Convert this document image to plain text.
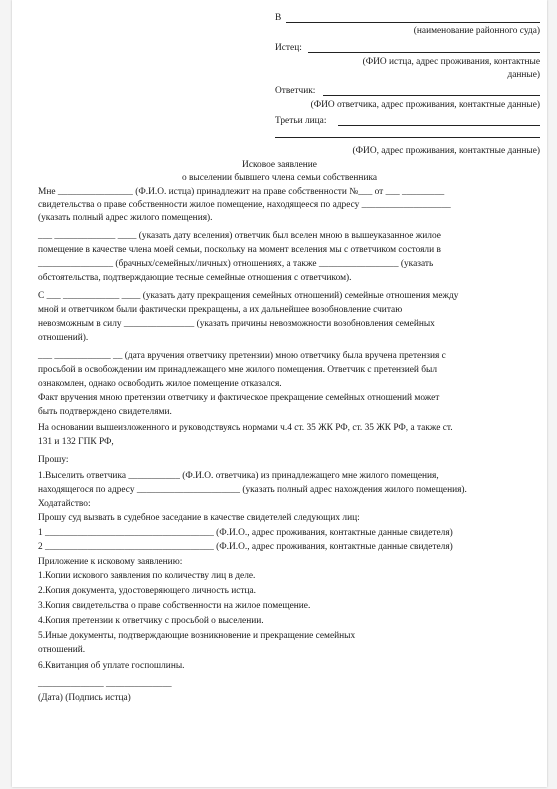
В
(наименование районного суда)
Истец:
(ФИО истца, адрес проживания, контактные
данные)
Ответчик:
(ФИО ответчика, адрес проживания, контактные данные)
Третьи лица:
(ФИО, адрес проживания, контактные данные)
Исковое заявление
о выселении бывшего члена семьи собственника
Мне ________________ (Ф.И.О. истца) принадлежит на праве собственности №___ от ___ _________
свидетельства о праве собственности жилое помещение, находящееся по адресу ___________________
(указать полный адрес жилого помещения).
___ _____________ ____ (указать дату вселения) ответчик был вселен мною в вышеуказанное жилое
помещение в качестве члена моей семьи, поскольку на момент вселения мы с ответчиком состояли в
________________ (брачных/семейных/личных) отношениях, а также _________________ (указать
обстоятельства, подтверждающие тесные семейные отношения с ответчиком).
С ___ ____________ ____ (указать дату прекращения семейных отношений) семейные отношения между
мной и ответчиком были фактически прекращены, а их дальнейшее возобновление считаю
невозможным в силу _______________ (указать причины невозможности возобновления семейных
отношений).
___ ____________ __ (дата вручения ответчику претензии) мною ответчику была вручена претензия с
просьбой в освобождении им принадлежащего мне жилого помещения. Ответчик с претензией был
ознакомлен, однако освободить жилое помещение отказался.
Факт вручения мною претензии ответчику и фактическое прекращение семейных отношений может
быть подтверждено свидетелями.
На основании вышеизложенного и руководствуясь нормами ч.4 ст. 35 ЖК РФ, ст. 35 ЖК РФ, а также ст.
131 и 132 ГПК РФ,
Прошу:
1.Выселить ответчика ___________ (Ф.И.О. ответчика) из принадлежащего мне жилого помещения,
находящегося по адресу ______________________ (указать полный адрес нахождения жилого помещения).
Ходатайство:
Прошу суд вызвать в судебное заседание в качестве свидетелей следующих лиц:
1 ____________________________________ (Ф.И.О., адрес проживания, контактные данные свидетеля)
2 ____________________________________ (Ф.И.О., адрес проживания, контактные данные свидетеля)
Приложение к исковому заявлению:
1.Копии искового заявления по количеству лиц в деле.
2.Копия документа, удостоверяющего личность истца.
3.Копия свидетельства о праве собственности на жилое помещение.
4.Копия претензии к ответчику с просьбой о выселении.
5.Иные документы, подтверждающие возникновение и прекращение семейных
отношений.
6.Квитанция об уплате госпошлины.
______________ ______________
(Дата) (Подпись истца)
